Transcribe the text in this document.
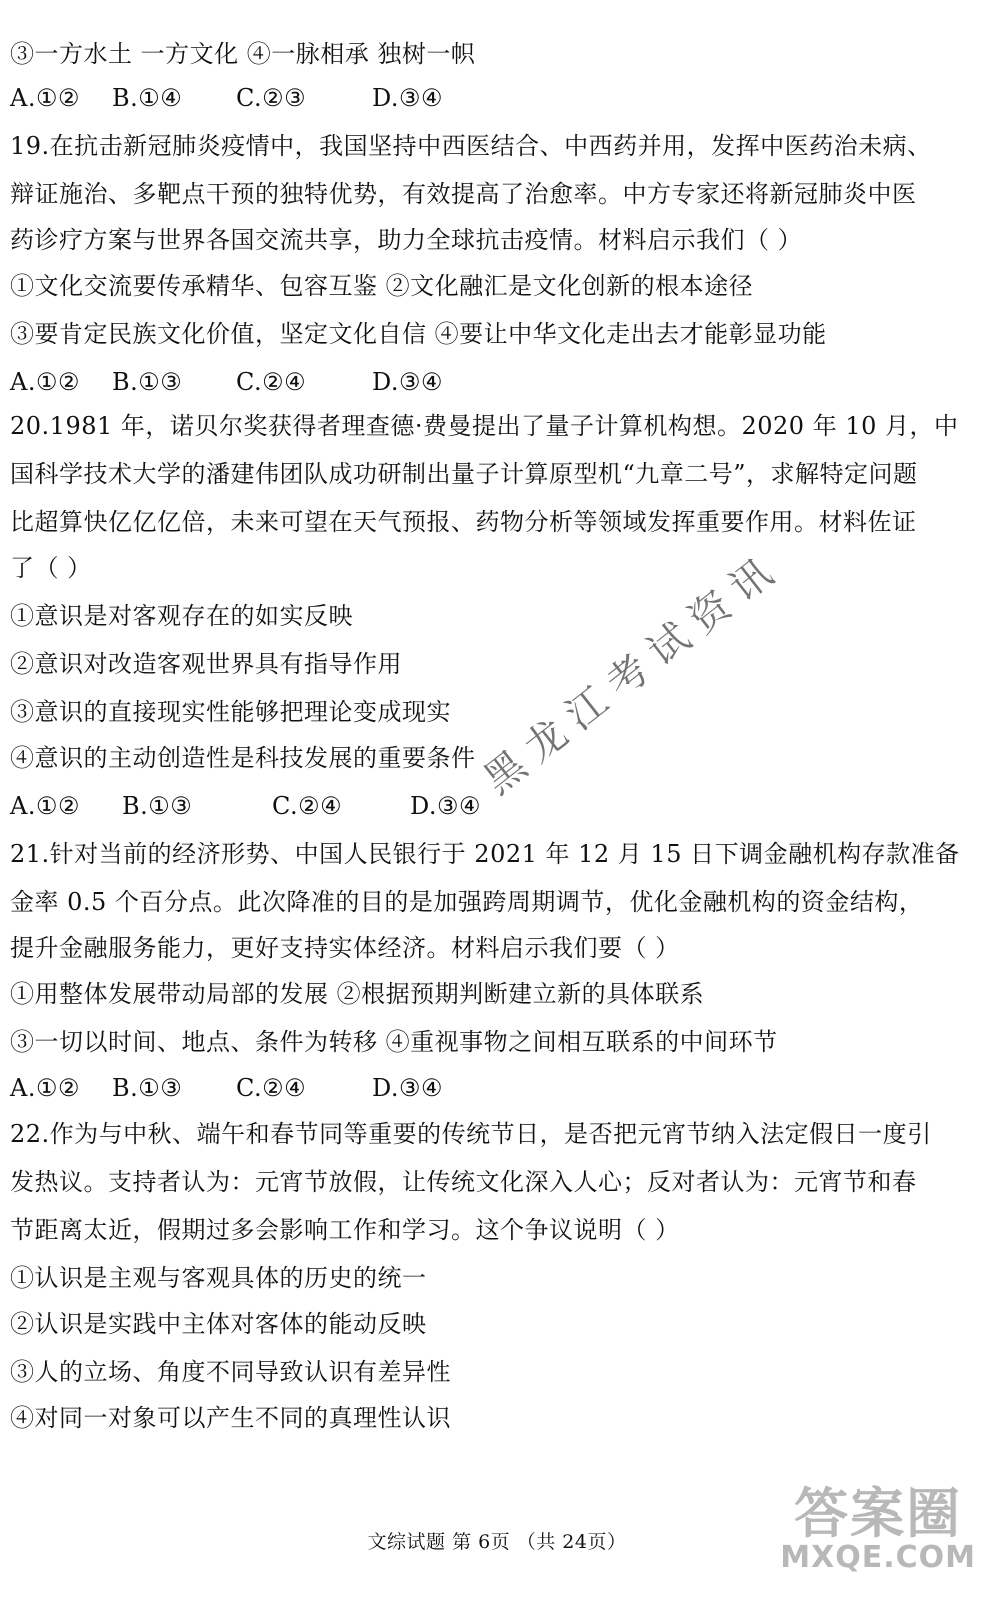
③一方水土 一方文化 ④一脉相承 独树一帜
A.①② B.①④ C.②③	D.③④
19.在抗击新冠肺炎疫情中，我国坚持中西医结合、中西药并用，发挥中医药治未病、
辩证施治、多靶点干预的独特优势，有效提高了治愈率。中方专家还将新冠肺炎中医
药诊疗方案与世界各国交流共享，助力全球抗击疫情。材料启示我们（ ）
①文化交流要传承精华、包容互鉴 ②文化融汇是文化创新的根本途径
③要肯定民族文化价值，坚定文化自信 ④要让中华文化走出去才能彰显功能
A.①② B.①③ C.②④	D.③④
20.1981 年，诺贝尔奖获得者理查德·费曼提出了量子计算机构想。2020 年 10 月，中
国科学技术大学的潘建伟团队成功研制出量子计算原型机“九章二号”，求解特定问题
比超算快亿亿亿倍，未来可望在天气预报、药物分析等领域发挥重要作用。材料佐证
了（ ）
①意识是对客观存在的如实反映
②意识对改造客观世界具有指导作用
③意识的直接现实性能够把理论变成现实
④意识的主动创造性是科技发展的重要条件
A.①② B.①③	C.②④	D.③④
21.针对当前的经济形势、中国人民银行于 2021 年 12 月 15 日下调金融机构存款准备
金率 0.5 个百分点。此次降准的目的是加强跨周期调节，优化金融机构的资金结构，
提升金融服务能力，更好支持实体经济。材料启示我们要（ ）
①用整体发展带动局部的发展 ②根据预期判断建立新的具体联系
③一切以时间、地点、条件为转移 ④重视事物之间相互联系的中间环节
A.①② B.①③ C.②④	D.③④
22.作为与中秋、端午和春节同等重要的传统节日，是否把元宵节纳入法定假日一度引
发热议。支持者认为：元宵节放假，让传统文化深入人心；反对者认为：元宵节和春
节距离太近，假期过多会影响工作和学习。这个争议说明（ ）
①认识是主观与客观具体的历史的统一
②认识是实践中主体对客体的能动反映
③人的立场、角度不同导致认识有差异性
④对同一对象可以产生不同的真理性认识
黑龙江考试资讯
文综试题 第 6页 （共 24页）	答案圈
MXQE.COM
